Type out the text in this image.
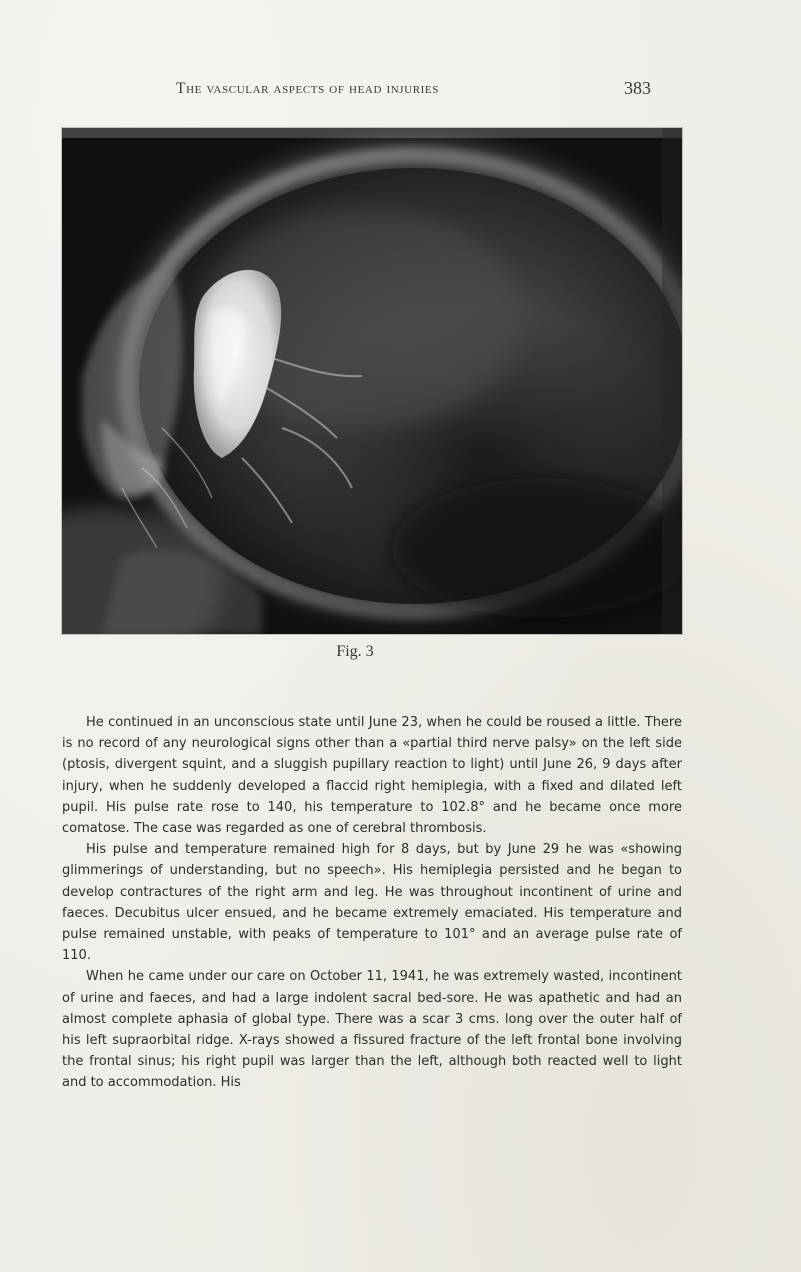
The vascular aspects of head injuries	383
Fig. 3

He continued in an unconscious state until June 23, when he could be roused a little. There is no record of any neurological signs other than a «partial third nerve palsy» on the left side (ptosis, divergent squint, and a sluggish pupillary reaction to light) until June 26, 9 days after injury, when he suddenly developed a flaccid right hemiplegia, with a fixed and dilated left pupil. His pulse rate rose to 140, his temperature to 102.8° and he became once more comatose. The case was regarded as one of cerebral thrombosis.

His pulse and temperature remained high for 8 days, but by June 29 he was «showing glimmerings of understanding, but no speech». His hemiplegia persisted and he began to develop contractures of the right arm and leg. He was throughout incontinent of urine and faeces. Decubitus ulcer ensued, and he became extremely emaciated. His temperature and pulse remained unstable, with peaks of temperature to 101° and an average pulse rate of 110.

When he came under our care on October 11, 1941, he was extremely wasted, incontinent of urine and faeces, and had a large indolent sacral bed-sore. He was apathetic and had an almost complete aphasia of global type. There was a scar 3 cms. long over the outer half of his left supraorbital ridge. X-rays showed a fissured fracture of the left frontal bone involving the frontal sinus; his right pupil was larger than the left, although both reacted well to light and to accommodation. His
